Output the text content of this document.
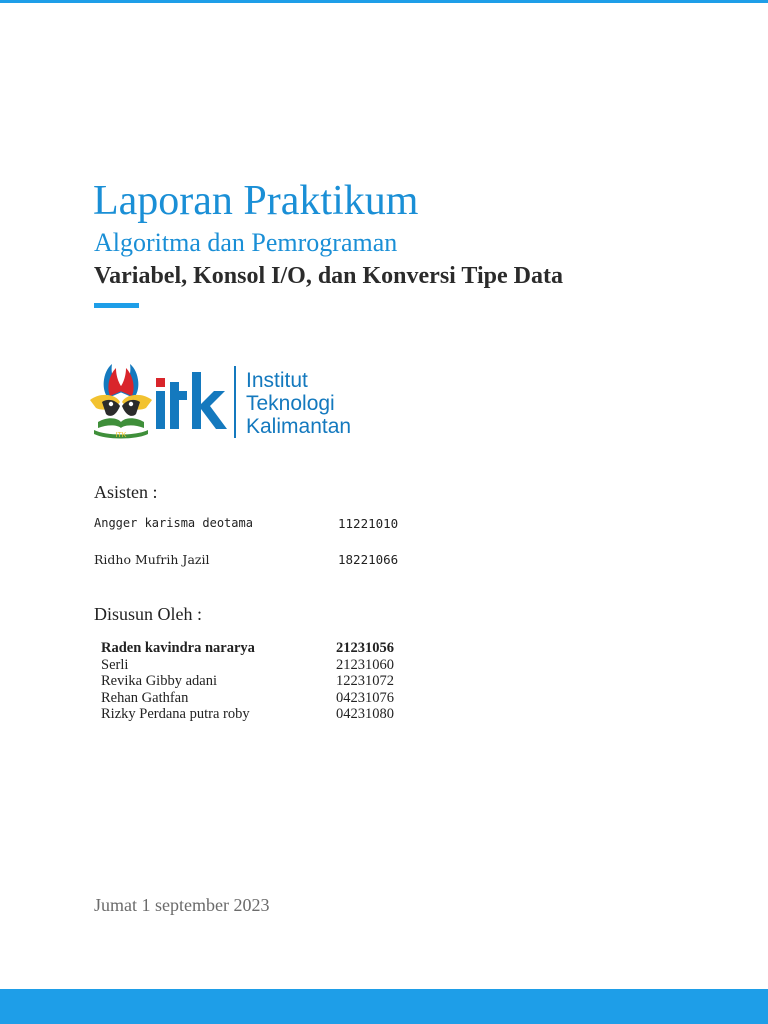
Laporan Praktikum
Algoritma dan Pemrograman
Variabel, Konsol I/O, dan Konversi Tipe Data
ITK
Institut
Teknologi
Kalimantan
Asisten :
Angger karisma deotama	11221010
Ridho Mufrih Jazil	18221066
Disusun Oleh :
Raden kavindra nararya	21231056
Serli	21231060
Revika Gibby adani	12231072
Rehan Gathfan	04231076
Rizky Perdana putra roby	04231080
Jumat 1 september 2023
